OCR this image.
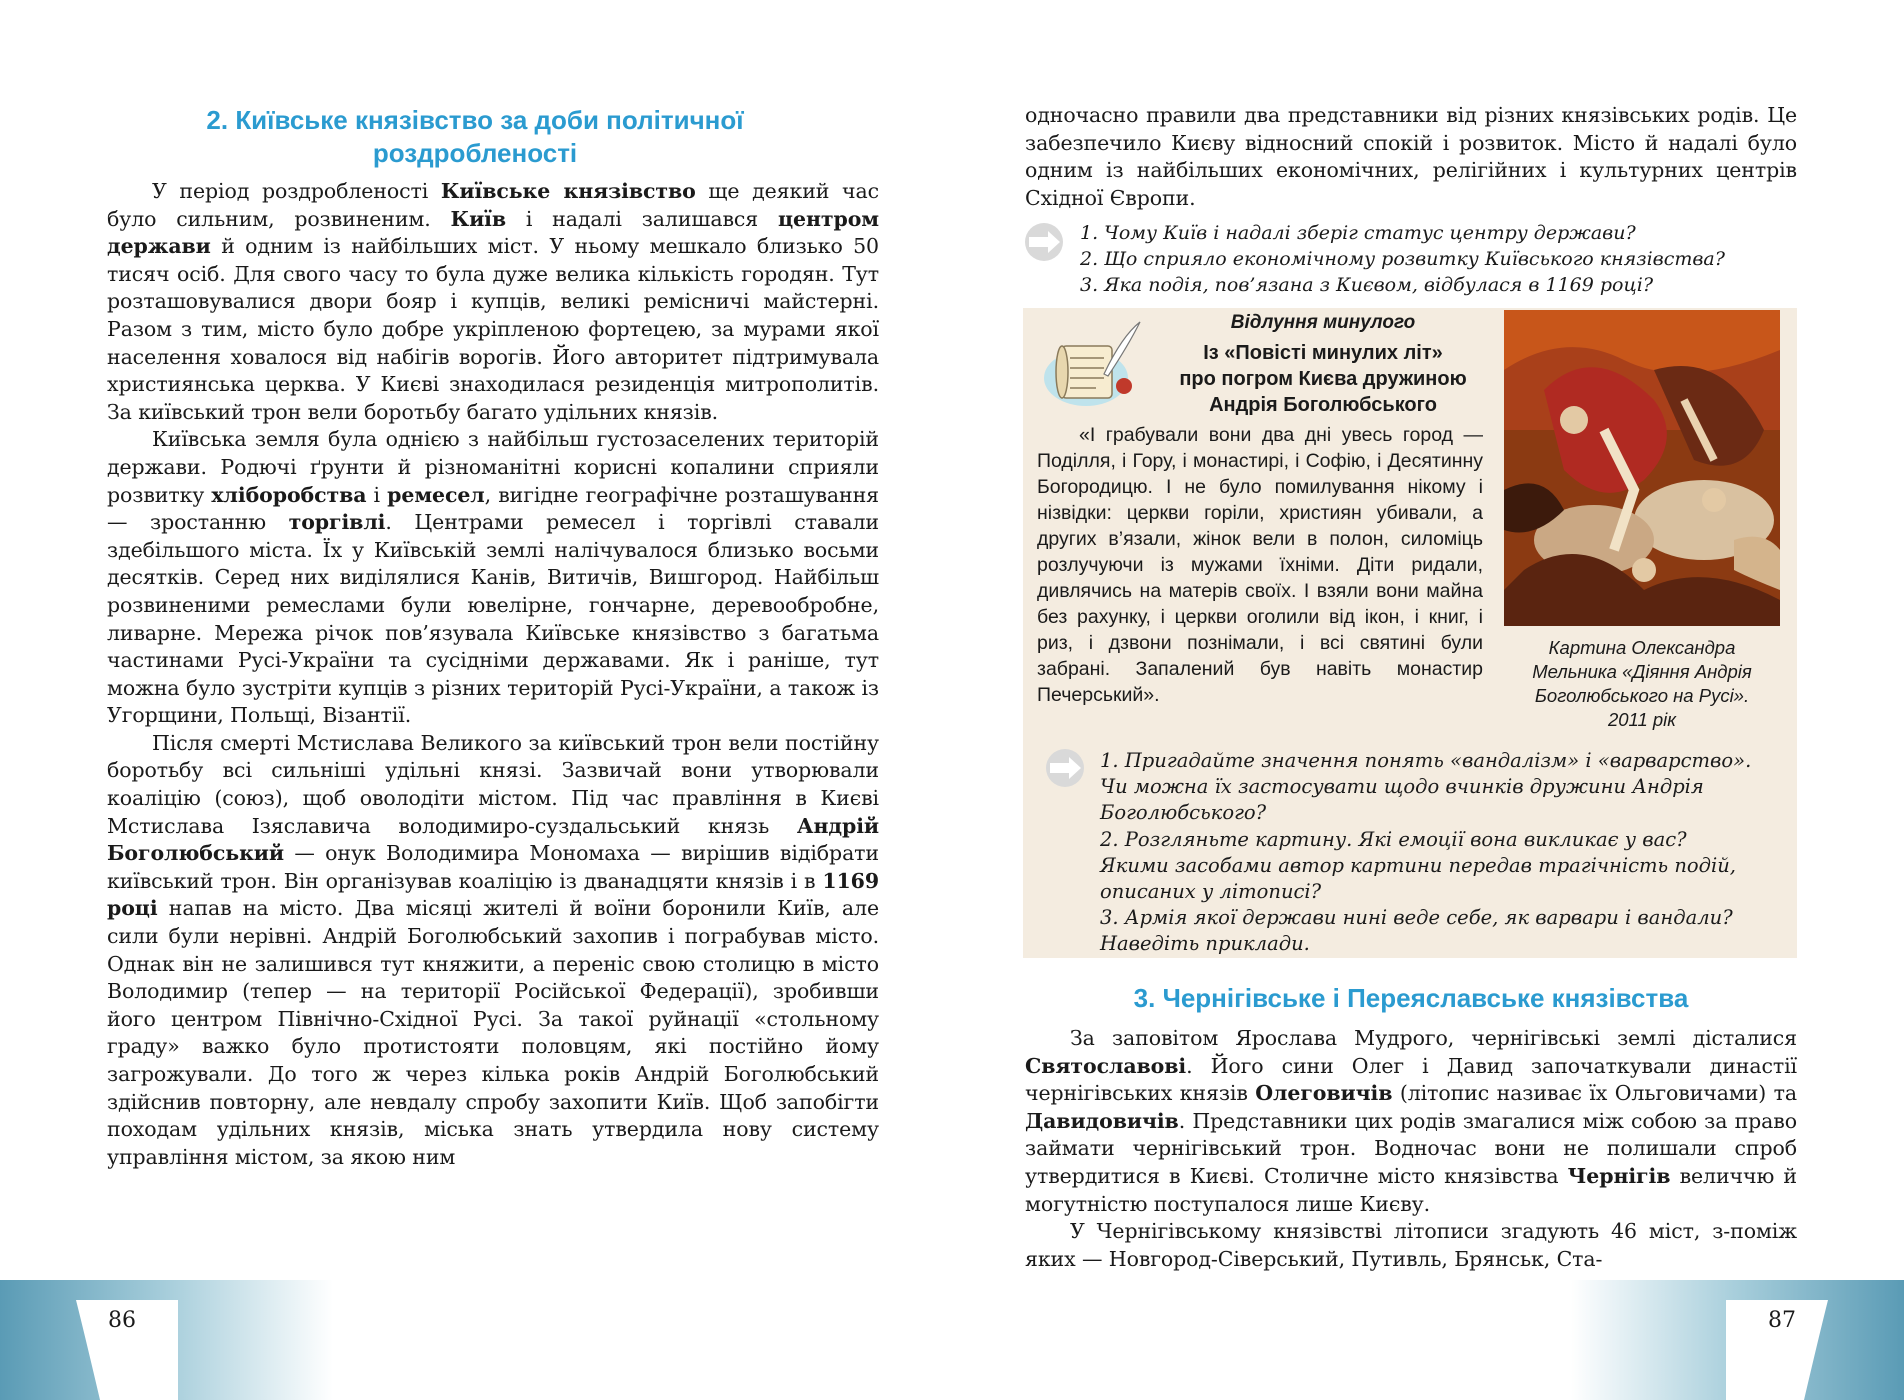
2. Київське князівство за доби політичної
роздробленості

У період роздробленості Київське князівство ще деякий час було сильним, розвиненим. Київ і надалі залишався центром держави й одним із найбільших міст. У ньому мешкало близько 50 тисяч осіб. Для свого часу то була дуже велика кількість городян. Тут розташовувалися двори бояр і купців, великі ремісничі майстерні. Разом з тим, місто було добре укріпленою фортецею, за мурами якої населення ховалося від набігів ворогів. Його авторитет підтримувала християнська церква. У Києві знаходилася резиденція митрополитів. За київський трон вели боротьбу багато удільних князів.

Київська земля була однією з найбільш густозаселених територій держави. Родючі ґрунти й різноманітні корисні копалини сприяли розвитку хліборобства і ремесел, вигідне географічне розташування — зростанню торгівлі. Центрами ремесел і торгівлі ставали здебільшого міста. Їх у Київській землі налічувалося близько восьми десятків. Серед них виділялися Канів, Витичів, Вишгород. Найбільш розвиненими ремеслами були ювелірне, гончарне, деревообробне, ливарне. Мережа річок пов’язувала Київське князівство з багатьма частинами Русі-України та сусідніми державами. Як і раніше, тут можна було зустріти купців з різних територій Русі-України, а також із Угорщини, Польщі, Візантії.

Після смерті Мстислава Великого за київський трон вели постійну боротьбу всі сильніші удільні князі. Зазвичай вони утворювали коаліцію (союз), щоб оволодіти містом. Під час правління в Києві Мстислава Ізяславича володимиро-суздальський князь Андрій Боголюбський — онук Володимира Мономаха — вирішив відібрати київський трон. Він організував коаліцію із дванадцяти князів і в 1169 році напав на місто. Два місяці жителі й воїни боронили Київ, але сили були нерівні. Андрій Боголюбський захопив і пограбував місто. Однак він не залишився тут княжити, а переніс свою столицю в місто Володимир (тепер — на території Російської Федерації), зробивши його центром Північно-Східної Русі. За такої руйнації «стольному граду» важко було протистояти половцям, які постійно йому загрожували. До того ж через кілька років Андрій Боголюбський здійснив повторну, але невдалу спробу захопити Київ. Щоб запобігти походам удільних князів, міська знать утвердила нову систему управління містом, за якою ним

одночасно правили два представники від різних князівських родів. Це забезпечило Києву відносний спокій і розвиток. Місто й надалі було одним із найбільших економічних, релігійних і культурних центрів Східної Європи.

1. Чому Київ і надалі зберіг статус центру держави?
2. Що сприяло економічному розвитку Київського князівства?
3. Яка подія, пов’язана з Києвом, відбулася в 1169 році?
Відлуння минулого
Із «Повісті минулих літ»
про погром Києва дружиною
Андрія Боголюбського
«І грабували вони два дні увесь город — Поділля, і Гору, і монастирі, і Софію, і Десятинну Богородицю. І не було помилування нікому і нізвідки: церкви горіли, християн убивали, а других в’язали, жінок вели в полон, силоміць розлучуючи із мужами їхніми. Діти ридали, дивлячись на матерів своїх. І взяли вони майна без рахунку, і церкви оголили від ікон, і книг, і риз, і дзвони познімали, і всі святині були забрані. Запалений був навіть монастир Печерський».
Картина Олександра
Мельника «Діяння Андрія
Боголюбського на Русі».
2011 рік
1. Пригадайте значення понять «вандалізм» і «варварство».
Чи можна їх застосувати щодо вчинків дружини Андрія
Боголюбського?
2. Розгляньте картину. Які емоції вона викликає у вас?
Якими засобами автор картини передав трагічність подій,
описаних у літописі?
3. Армія якої держави нині веде себе, як варвари і вандали?
Наведіть приклади.
3. Чернігівське і Переяславське князівства

За заповітом Ярослава Мудрого, чернігівські землі дісталися Святославові. Його сини Олег і Давид започаткували династії чернігівських князів Олеговичів (літопис називає їх Ольговичами) та Давидовичів. Представники цих родів змагалися між собою за право займати чернігівський трон. Водночас вони не полишали спроб утвердитися в Києві. Столичне місто князівства Чернігів величчю й могутністю поступалося лише Києву.

У Чернігівському князівстві літописи згадують 46 міст, з-поміж яких — Новгород-Сіверський, Путивль, Брянськ, Ста-

86	87
